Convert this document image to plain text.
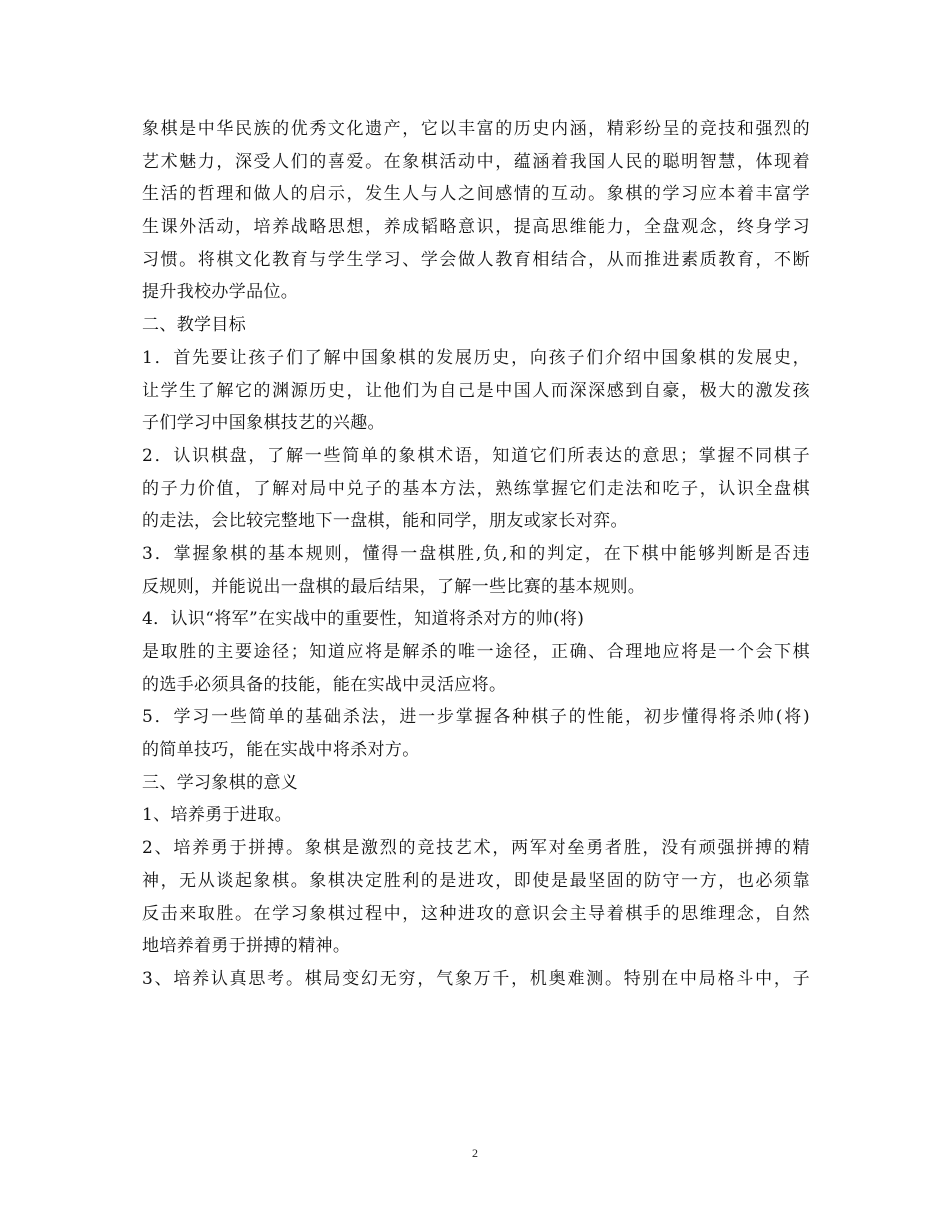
象棋是中华民族的优秀文化遗产，它以丰富的历史内涵，精彩纷呈的竞技和强烈的
艺术魅力，深受人们的喜爱。在象棋活动中，蕴涵着我国人民的聪明智慧，体现着
生活的哲理和做人的启示，发生人与人之间感情的互动。象棋的学习应本着丰富学
生课外活动，培养战略思想，养成韬略意识，提高思维能力，全盘观念，终身学习
习惯。将棋文化教育与学生学习、学会做人教育相结合，从而推进素质教育，不断
提升我校办学品位。
二、教学目标
1．首先要让孩子们了解中国象棋的发展历史，向孩子们介绍中国象棋的发展史，
让学生了解它的渊源历史，让他们为自己是中国人而深深感到自豪，极大的激发孩
子们学习中国象棋技艺的兴趣。
2．认识棋盘，了解一些简单的象棋术语，知道它们所表达的意思；掌握不同棋子
的子力价值，了解对局中兑子的基本方法，熟练掌握它们走法和吃子，认识全盘棋
的走法，会比较完整地下一盘棋，能和同学，朋友或家长对弈。
3．掌握象棋的基本规则，懂得一盘棋胜,负,和的判定，在下棋中能够判断是否违
反规则，并能说出一盘棋的最后结果，了解一些比赛的基本规则。
4．认识“将军”在实战中的重要性，知道将杀对方的帅(将)
是取胜的主要途径；知道应将是解杀的唯一途径，正确、合理地应将是一个会下棋
的选手必须具备的技能，能在实战中灵活应将。
5．学习一些简单的基础杀法，进一步掌握各种棋子的性能，初步懂得将杀帅(将)
的简单技巧，能在实战中将杀对方。
三、学习象棋的意义
1、培养勇于进取。
2、培养勇于拼搏。象棋是激烈的竞技艺术，两军对垒勇者胜，没有顽强拼搏的精
神，无从谈起象棋。象棋决定胜利的是进攻，即使是最坚固的防守一方，也必须靠
反击来取胜。在学习象棋过程中，这种进攻的意识会主导着棋手的思维理念，自然
地培养着勇于拼搏的精神。
3、培养认真思考。棋局变幻无穷，气象万千，机奥难测。特别在中局格斗中，子
2
